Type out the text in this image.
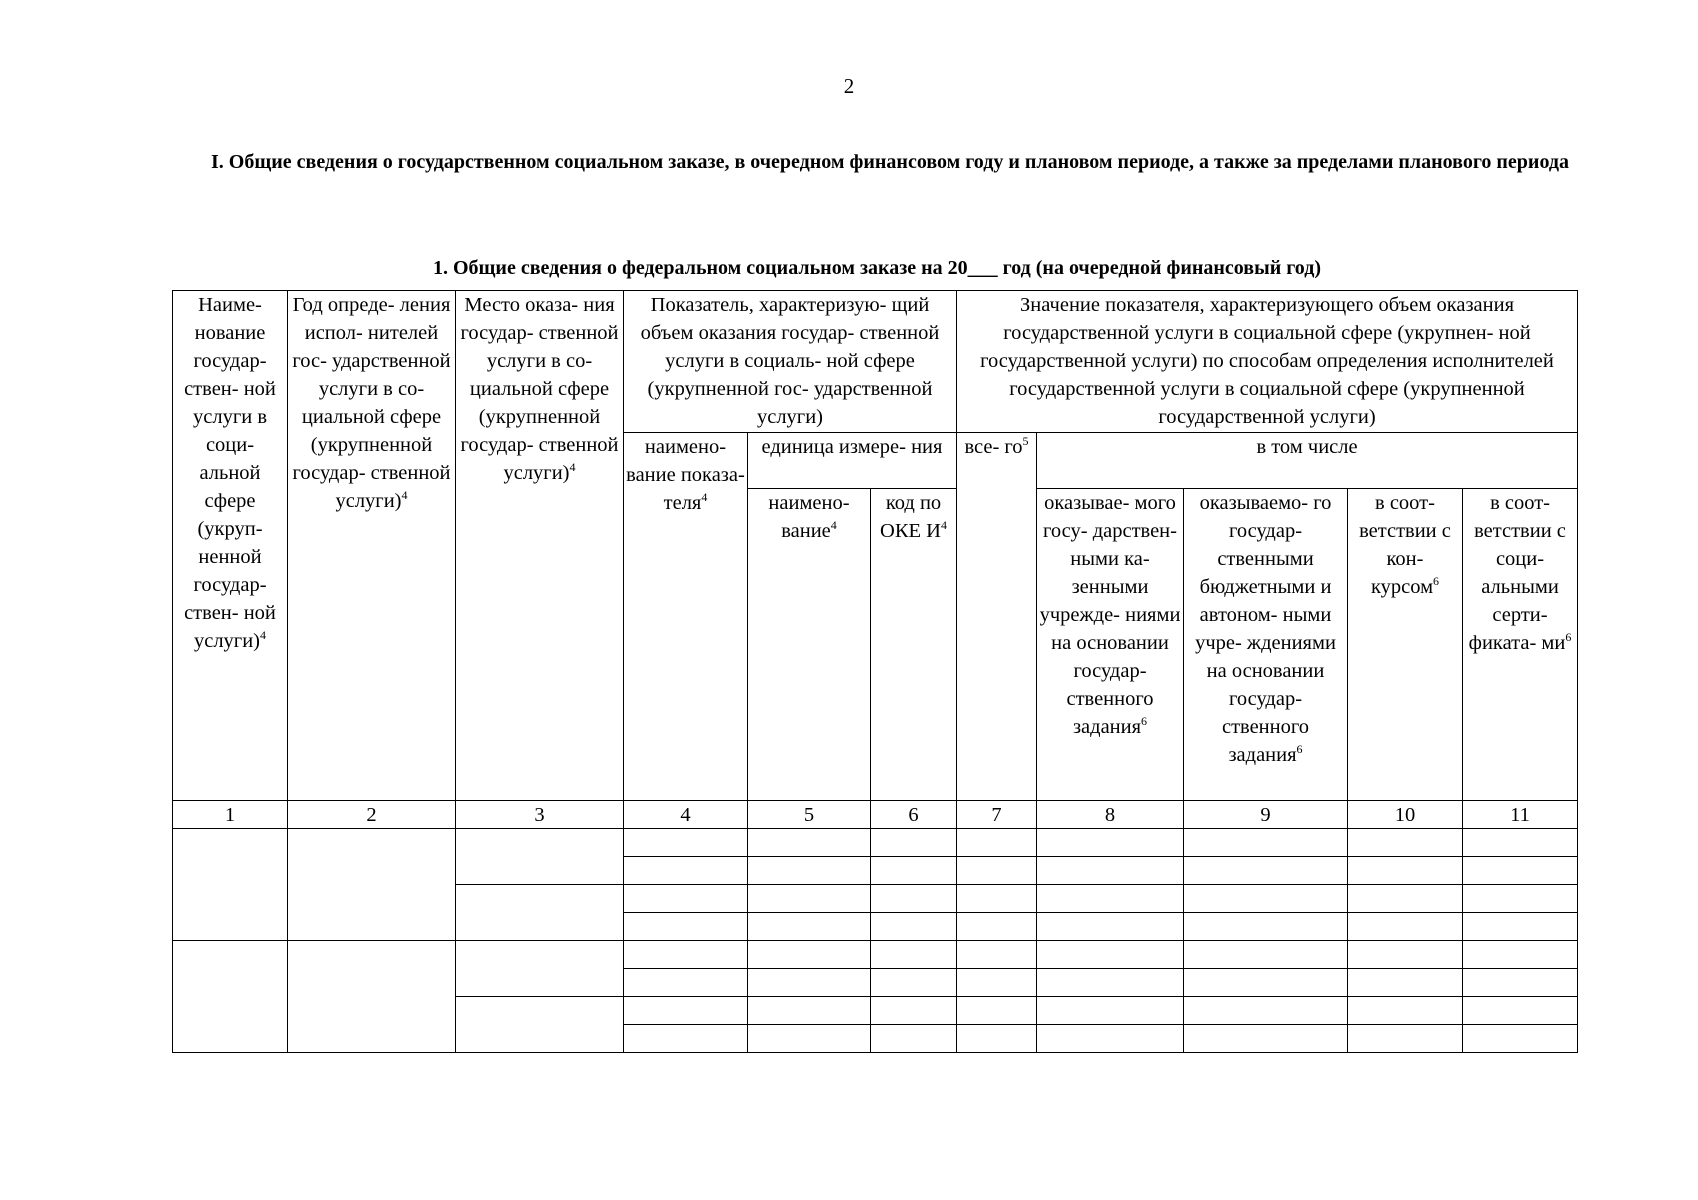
2
I. Общие сведения о государственном социальном заказе, в очередном финансовом году и плановом периоде, а также за пределами планового периода
1. Общие сведения о федеральном социальном заказе на 20___ год (на очередной финансовый год)
Наиме- нование государ- ствен- ной услуги в соци- альной сфере (укруп- ненной государ- ствен- ной услуги)$^4$	Год опреде- ления испол- нителей гос- ударственной услуги в со- циальной сфере (укрупненной государ- ственной услуги)$^4$	Место оказа- ния государ- ственной услуги в со- циальной сфере (укрупненной государ- ственной услуги)$^4$	Показатель, характеризую- щий объем оказания государ- ственной услуги в социаль- ной сфере (укрупненной гос- ударственной услуги)			Значение показателя, характеризующего объем оказания государственной услуги в социальной сфере (укрупнен- ной государственной услуги) по способам определения исполнителей государственной услуги в социальной сфере (укрупненной государственной услуги)				
			наимено- вание показа- теля$^4$	единица измере- ния		все- $го^5$	в том числе			
				наимено- вание$^4$	код по ОКЕ $И^4$		оказывае- мого госу- дарствен- ными ка- зенными учрежде- ниями на основании государ- ственного задания$^6$	оказываемо- го государ- ственными бюджетными и автоном- ными учре- ждениями на основании государ- ственного задания$^6$	в соот- ветствии с кон- курсом$^6$	в соот- ветствии с соци- альными серти- фиката- $ми^6$
1	2	3	4	5	6	7	8	9	10	11
